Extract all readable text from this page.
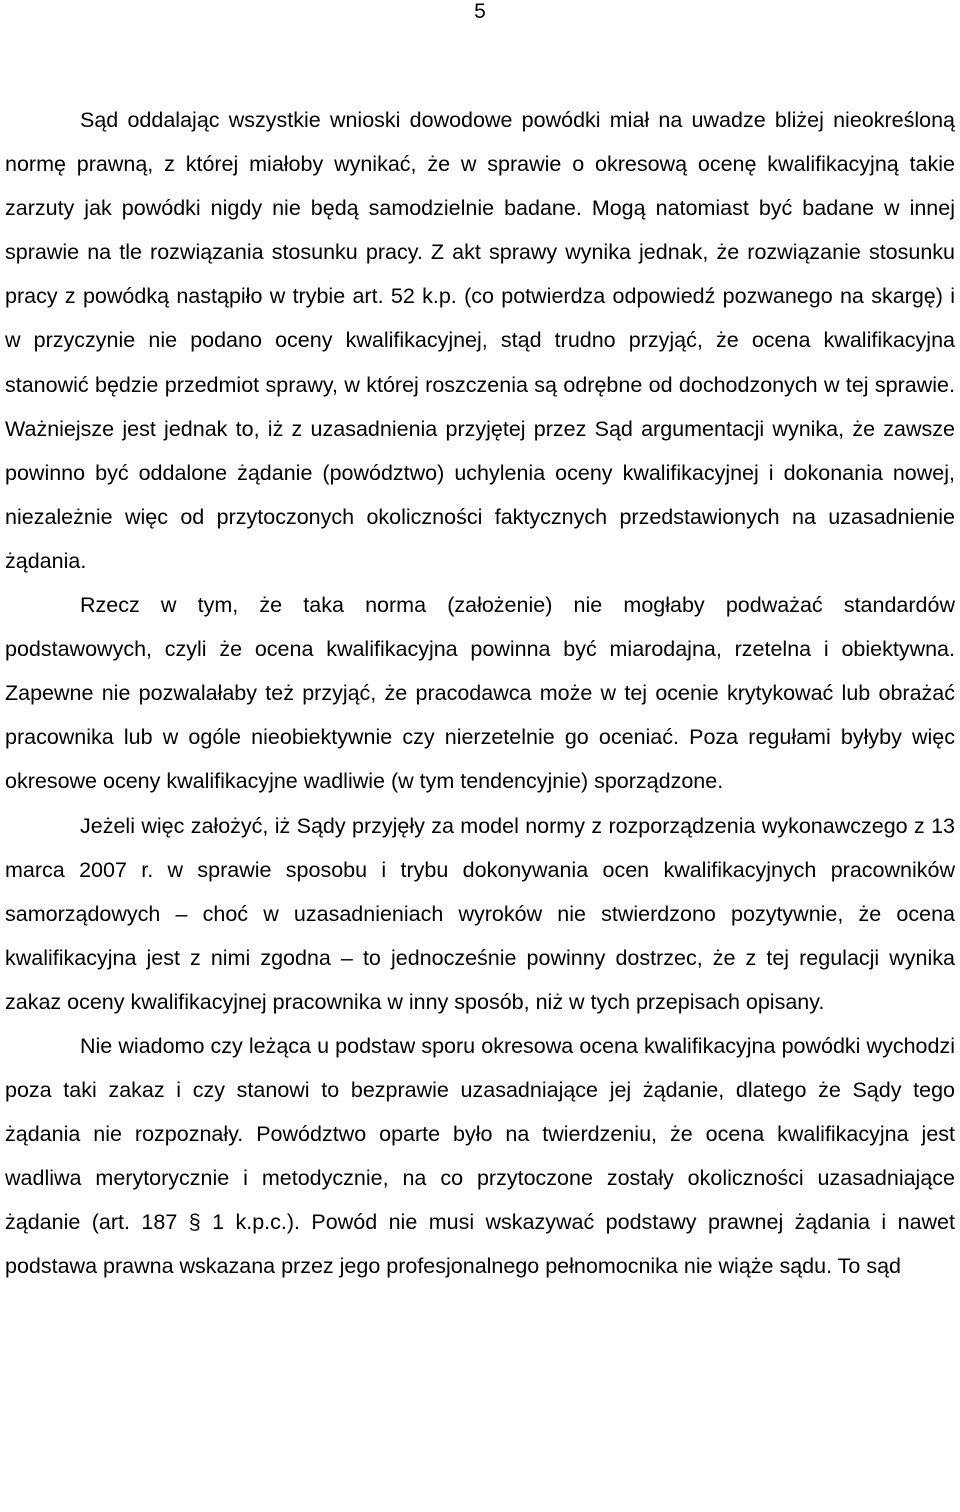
5

Sąd oddalając wszystkie wnioski dowodowe powódki miał na uwadze bliżej nieokreśloną normę prawną, z której miałoby wynikać, że w sprawie o okresową ocenę kwalifikacyjną takie zarzuty jak powódki nigdy nie będą samodzielnie badane. Mogą natomiast być badane w innej sprawie na tle rozwiązania stosunku pracy. Z akt sprawy wynika jednak, że rozwiązanie stosunku pracy z powódką nastąpiło w trybie art. 52 k.p. (co potwierdza odpowiedź pozwanego na skargę) i w przyczynie nie podano oceny kwalifikacyjnej, stąd trudno przyjąć, że ocena kwalifikacyjna stanowić będzie przedmiot sprawy, w której roszczenia są odrębne od dochodzonych w tej sprawie. Ważniejsze jest jednak to, iż z uzasadnienia przyjętej przez Sąd argumentacji wynika, że zawsze powinno być oddalone żądanie (powództwo) uchylenia oceny kwalifikacyjnej i dokonania nowej, niezależnie więc od przytoczonych okoliczności faktycznych przedstawionych na uzasadnienie żądania.

Rzecz w tym, że taka norma (założenie) nie mogłaby podważać standardów podstawowych, czyli że ocena kwalifikacyjna powinna być miarodajna, rzetelna i obiektywna. Zapewne nie pozwalałaby też przyjąć, że pracodawca może w tej ocenie krytykować lub obrażać pracownika lub w ogóle nieobiektywnie czy nierzetelnie go oceniać. Poza regułami byłyby więc okresowe oceny kwalifikacyjne wadliwie (w tym tendencyjnie) sporządzone.

Jeżeli więc założyć, iż Sądy przyjęły za model normy z rozporządzenia wykonawczego z 13 marca 2007 r. w sprawie sposobu i trybu dokonywania ocen kwalifikacyjnych pracowników samorządowych – choć w uzasadnieniach wyroków nie stwierdzono pozytywnie, że ocena kwalifikacyjna jest z nimi zgodna – to jednocześnie powinny dostrzec, że z tej regulacji wynika zakaz oceny kwalifikacyjnej pracownika w inny sposób, niż w tych przepisach opisany.

Nie wiadomo czy leżąca u podstaw sporu okresowa ocena kwalifikacyjna powódki wychodzi poza taki zakaz i czy stanowi to bezprawie uzasadniające jej żądanie, dlatego że Sądy tego żądania nie rozpoznały. Powództwo oparte było na twierdzeniu, że ocena kwalifikacyjna jest wadliwa merytorycznie i metodycznie, na co przytoczone zostały okoliczności uzasadniające żądanie (art. 187 § 1 k.p.c.). Powód nie musi wskazywać podstawy prawnej żądania i nawet podstawa prawna wskazana przez jego profesjonalnego pełnomocnika nie wiąże sądu. To sąd
